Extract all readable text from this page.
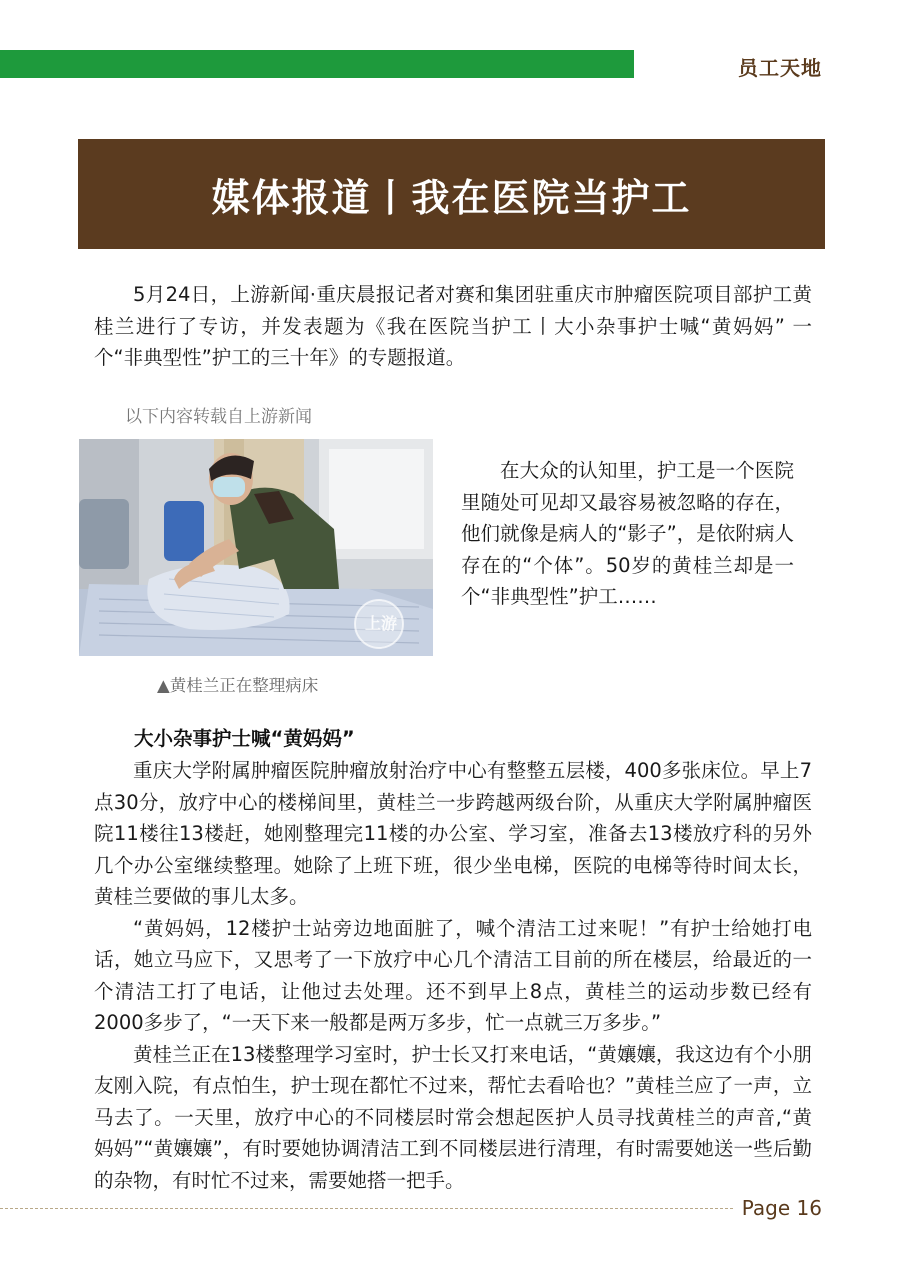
员工天地
媒体报道丨我在医院当护工

5月24日，上游新闻·重庆晨报记者对赛和集团驻重庆市肿瘤医院项目部护工黄桂兰进行了专访，并发表题为《我在医院当护工丨大小杂事护士喊“黄妈妈” 一个“非典型性”护工的三十年》的专题报道。

以下内容转载自上游新闻
上游
▲黄桂兰正在整理病床

在大众的认知里，护工是一个医院里随处可见却又最容易被忽略的存在，他们就像是病人的“影子”，是依附病人存在的“个体”。50岁的黄桂兰却是一个“非典型性”护工……

大小杂事护士喊“黄妈妈”

重庆大学附属肿瘤医院肿瘤放射治疗中心有整整五层楼，400多张床位。早上7点30分，放疗中心的楼梯间里，黄桂兰一步跨越两级台阶，从重庆大学附属肿瘤医院11楼往13楼赶，她刚整理完11楼的办公室、学习室，准备去13楼放疗科的另外几个办公室继续整理。她除了上班下班，很少坐电梯，医院的电梯等待时间太长，黄桂兰要做的事儿太多。

“黄妈妈，12楼护士站旁边地面脏了，喊个清洁工过来呢！”有护士给她打电话，她立马应下，又思考了一下放疗中心几个清洁工目前的所在楼层，给最近的一个清洁工打了电话，让他过去处理。还不到早上8点，黄桂兰的运动步数已经有2000多步了，“一天下来一般都是两万多步，忙一点就三万多步。”

黄桂兰正在13楼整理学习室时，护士长又打来电话，“黄孃孃，我这边有个小朋友刚入院，有点怕生，护士现在都忙不过来，帮忙去看哈也？”黄桂兰应了一声，立马去了。一天里，放疗中心的不同楼层时常会想起医护人员寻找黄桂兰的声音,“黄妈妈”“黄孃孃”，有时要她协调清洁工到不同楼层进行清理，有时需要她送一些后勤的杂物，有时忙不过来，需要她搭一把手。

Page 16
